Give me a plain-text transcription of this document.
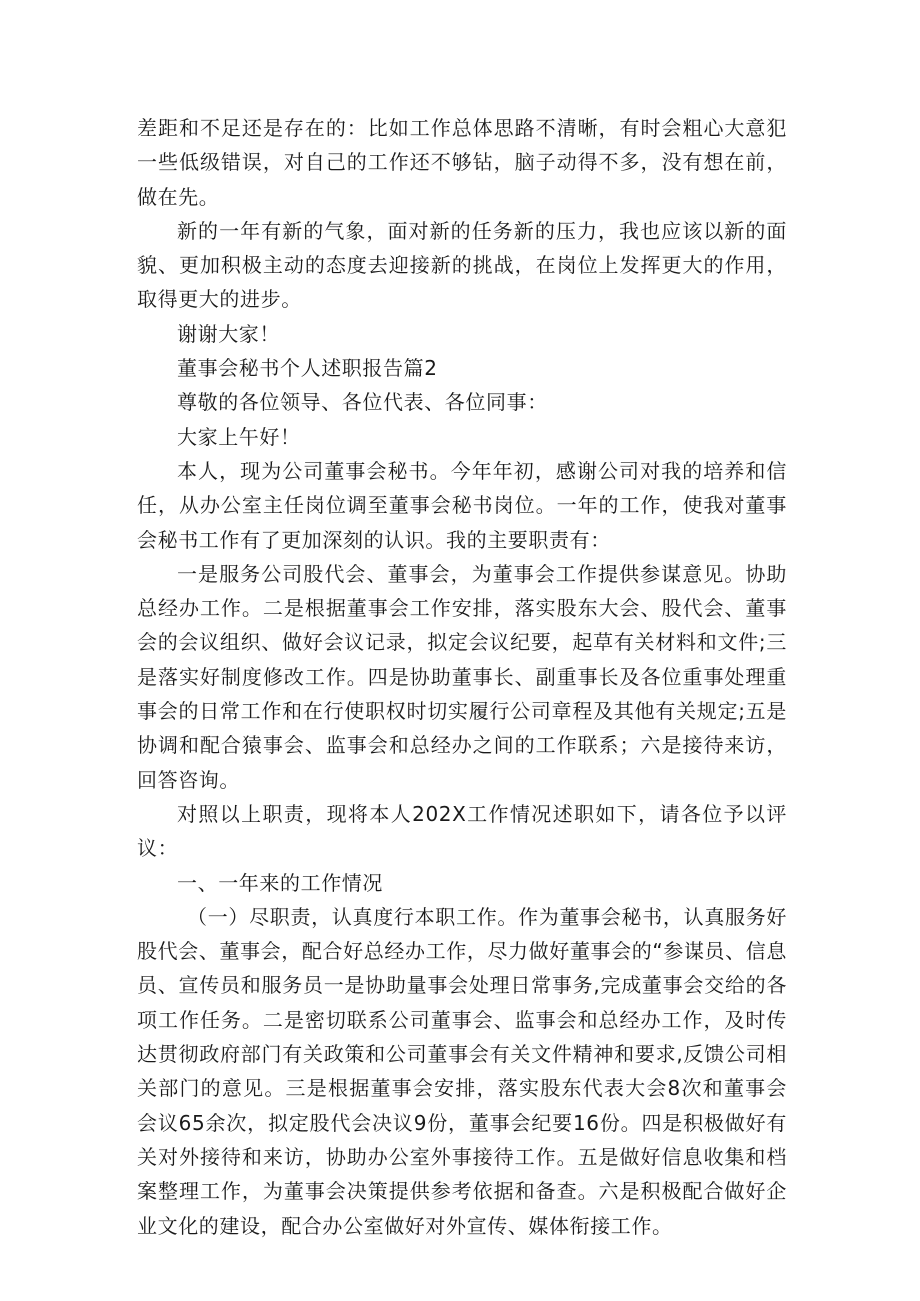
差距和不足还是存在的：比如工作总体思路不清晰，有时会粗心大意犯一些低级错误，对自己的工作还不够钻，脑子动得不多，没有想在前，做在先。

新的一年有新的气象，面对新的任务新的压力，我也应该以新的面貌、更加积极主动的态度去迎接新的挑战，在岗位上发挥更大的作用，取得更大的进步。

谢谢大家！

董事会秘书个人述职报告篇2

尊敬的各位领导、各位代表、各位同事：

大家上午好！

本人，现为公司董事会秘书。今年年初，感谢公司对我的培养和信任，从办公室主任岗位调至董事会秘书岗位。一年的工作，使我对董事会秘书工作有了更加深刻的认识。我的主要职责有：

一是服务公司股代会、董事会，为董事会工作提供参谋意见。协助总经办工作。二是根据董事会工作安排，落实股东大会、股代会、董事会的会议组织、做好会议记录，拟定会议纪要，起草有关材料和文件;三是落实好制度修改工作。四是协助董事长、副重事长及各位重事处理重事会的日常工作和在行使职权时切实履行公司章程及其他有关规定;五是协调和配合猿事会、监事会和总经办之间的工作联系；六是接待来访，回答咨询。

对照以上职责，现将本人202X工作情况述职如下，请各位予以评议：

一、一年来的工作情况

（一）尽职责，认真度行本职工作。作为董事会秘书，认真服务好股代会、董事会，配合好总经办工作，尽力做好董事会的“参谋员、信息员、宣传员和服务员一是协助量事会处理日常事务,完成董事会交给的各项工作任务。二是密切联系公司董事会、监事会和总经办工作，及时传达贯彻政府部门有关政策和公司董事会有关文件精神和要求,反馈公司相关部门的意见。三是根据董事会安排，落实股东代表大会8次和董事会会议65余次，拟定股代会决议9份，董事会纪要16份。四是积极做好有关对外接待和来访，协助办公室外事接待工作。五是做好信息收集和档案整理工作，为董事会决策提供参考依据和备查。六是积极配合做好企业文化的建设，配合办公室做好对外宣传、媒体衔接工作。
